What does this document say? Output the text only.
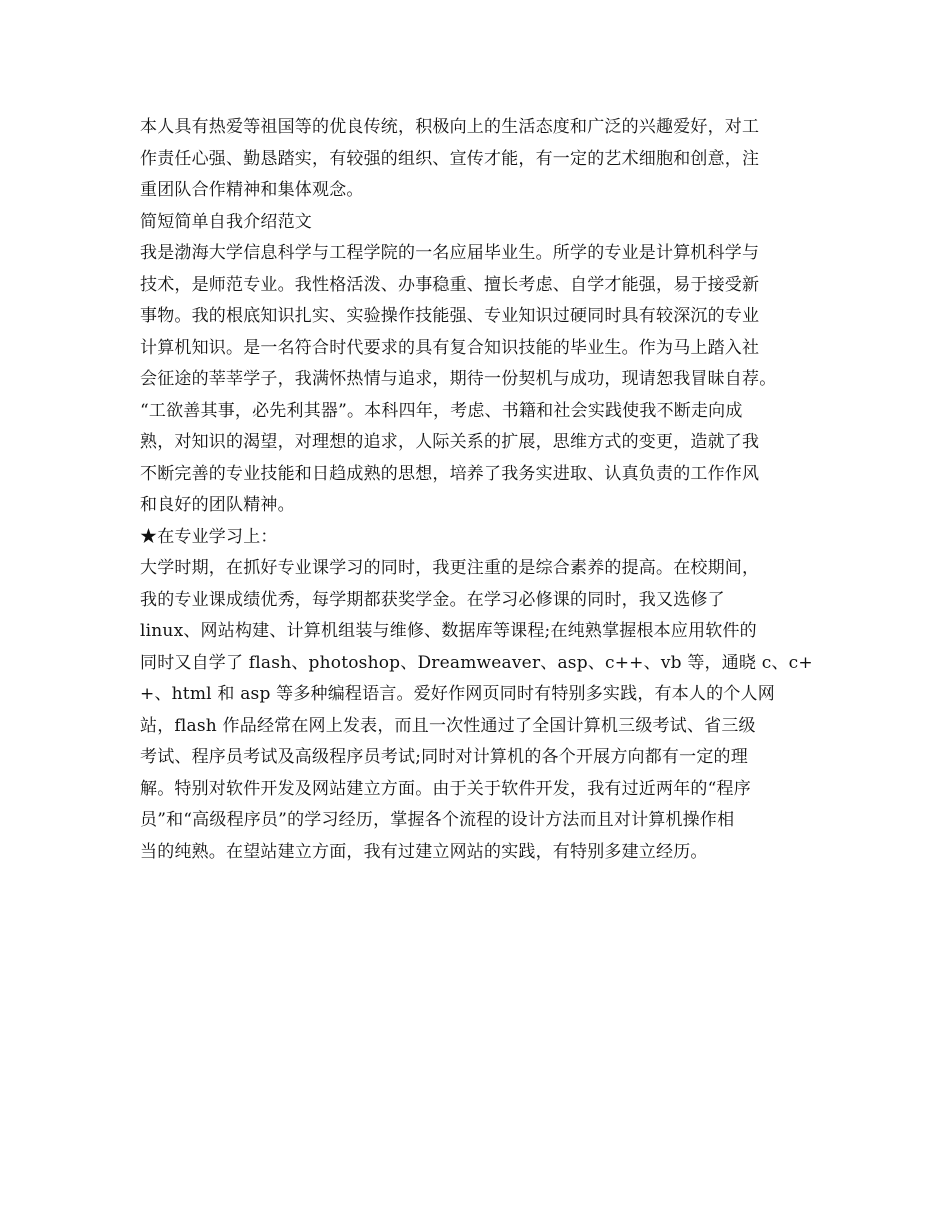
本人具有热爱等祖国等的优良传统，积极向上的生活态度和广泛的兴趣爱好，对工
作责任心强、勤恳踏实，有较强的组织、宣传才能，有一定的艺术细胞和创意，注
重团队合作精神和集体观念。
简短简单自我介绍范文
我是渤海大学信息科学与工程学院的一名应届毕业生。所学的专业是计算机科学与
技术，是师范专业。我性格活泼、办事稳重、擅长考虑、自学才能强，易于接受新
事物。我的根底知识扎实、实验操作技能强、专业知识过硬同时具有较深沉的专业
计算机知识。是一名符合时代要求的具有复合知识技能的毕业生。作为马上踏入社
会征途的莘莘学子，我满怀热情与追求，期待一份契机与成功，现请恕我冒昧自荐。
“工欲善其事，必先利其器”。本科四年，考虑、书籍和社会实践使我不断走向成
熟，对知识的渴望，对理想的追求，人际关系的扩展，思维方式的变更，造就了我
不断完善的专业技能和日趋成熟的思想，培养了我务实进取、认真负责的工作作风
和良好的团队精神。
★在专业学习上：
大学时期，在抓好专业课学习的同时，我更注重的是综合素养的提高。在校期间，
我的专业课成绩优秀，每学期都获奖学金。在学习必修课的同时，我又选修了
linux、网站构建、计算机组装与维修、数据库等课程;在纯熟掌握根本应用软件的
同时又自学了 flash、photoshop、Dreamweaver、asp、c++、vb 等，通晓 c、c+
+、html 和 asp 等多种编程语言。爱好作网页同时有特别多实践，有本人的个人网
站，flash 作品经常在网上发表，而且一次性通过了全国计算机三级考试、省三级
考试、程序员考试及高级程序员考试;同时对计算机的各个开展方向都有一定的理
解。特别对软件开发及网站建立方面。由于关于软件开发，我有过近两年的“程序
员”和“高级程序员”的学习经历，掌握各个流程的设计方法而且对计算机操作相
当的纯熟。在望站建立方面，我有过建立网站的实践，有特别多建立经历。
